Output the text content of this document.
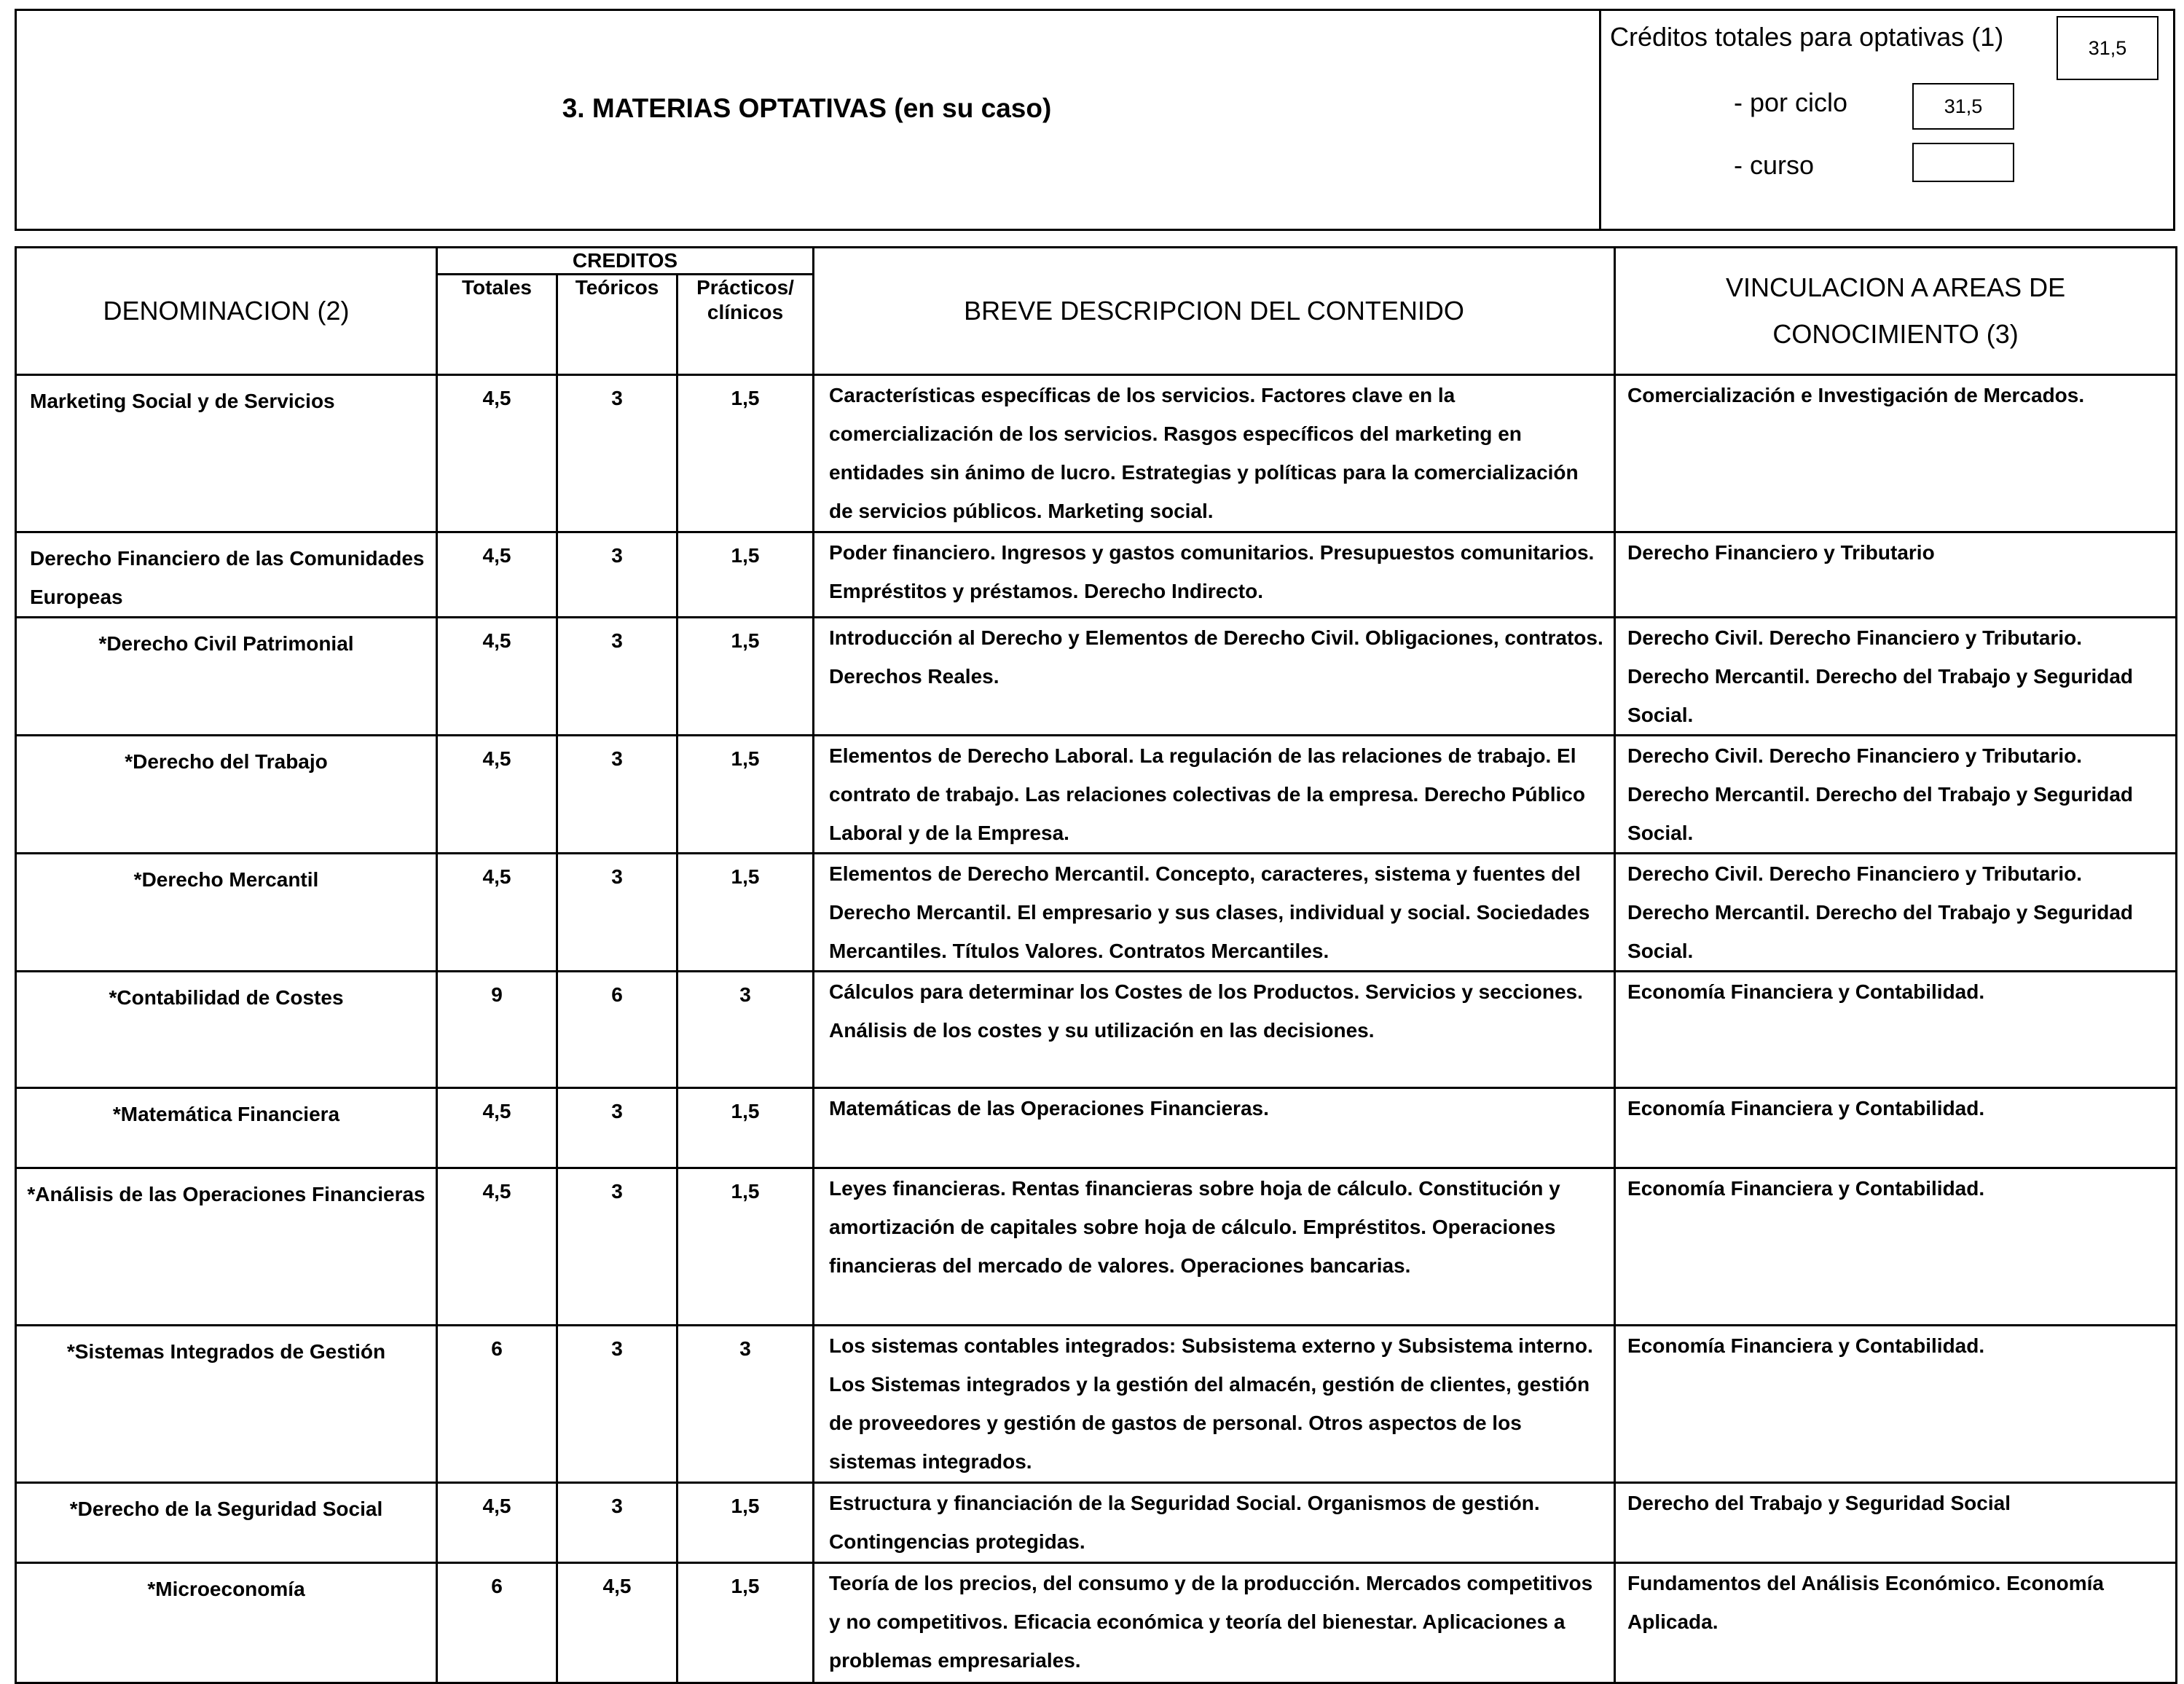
3. MATERIAS OPTATIVAS (en su caso)
Créditos totales para optativas (1)	31,5
- por ciclo	31,5
- curso
DENOMINACION (2)	CREDITOS			BREVE DESCRIPCION DEL CONTENIDO	VINCULACION A AREAS DE
CONOCIMIENTO (3)

	Totales	Teóricos	Prácticos/ clínicos		
Marketing Social y de Servicios	4,5	3	1,5	Características específicas de los servicios. Factores clave en la comercialización de los servicios. Rasgos específicos del marketing en entidades sin ánimo de lucro. Estrategias y políticas para la comercialización de servicios públicos. Marketing social.	Comercialización e Investigación de Mercados.
Derecho Financiero de las Comunidades Europeas	4,5	3	1,5	Poder financiero. Ingresos y gastos comunitarios. Presupuestos comunitarios. Empréstitos y préstamos. Derecho Indirecto.	Derecho Financiero y Tributario
*Derecho Civil Patrimonial	4,5	3	1,5	Introducción al Derecho y Elementos de Derecho Civil. Obligaciones, contratos. Derechos Reales.	Derecho Civil. Derecho Financiero y Tributario. Derecho Mercantil. Derecho del Trabajo y Seguridad Social.
*Derecho del Trabajo	4,5	3	1,5	Elementos de Derecho Laboral. La regulación de las relaciones de trabajo. El contrato de trabajo. Las relaciones colectivas de la empresa. Derecho Público Laboral y de la Empresa.	Derecho Civil. Derecho Financiero y Tributario. Derecho Mercantil. Derecho del Trabajo y Seguridad Social.
*Derecho Mercantil	4,5	3	1,5	Elementos de Derecho Mercantil. Concepto, caracteres, sistema y fuentes del Derecho Mercantil. El empresario y sus clases, individual y social. Sociedades Mercantiles. Títulos Valores. Contratos Mercantiles.	Derecho Civil. Derecho Financiero y Tributario. Derecho Mercantil. Derecho del Trabajo y Seguridad Social.
*Contabilidad de Costes	9	6	3	Cálculos para determinar los Costes de los Productos. Servicios y secciones. Análisis de los costes y su utilización en las decisiones.	Economía Financiera y Contabilidad.
*Matemática Financiera	4,5	3	1,5	Matemáticas de las Operaciones Financieras.	Economía Financiera y Contabilidad.
*Análisis de las Operaciones Financieras	4,5	3	1,5	Leyes financieras. Rentas financieras sobre hoja de cálculo. Constitución y amortización de capitales sobre hoja de cálculo. Empréstitos. Operaciones financieras del mercado de valores. Operaciones bancarias.	Economía Financiera y Contabilidad.
*Sistemas Integrados de Gestión	6	3	3	Los sistemas contables integrados: Subsistema externo y Subsistema interno. Los Sistemas integrados y la gestión del almacén, gestión de clientes, gestión de proveedores y gestión de gastos de personal. Otros aspectos de los sistemas integrados.	Economía Financiera y Contabilidad.
*Derecho de la Seguridad Social	4,5	3	1,5	Estructura y financiación de la Seguridad Social. Organismos de gestión. Contingencias protegidas.	Derecho del Trabajo y Seguridad Social
*Microeconomía	6	4,5	1,5	Teoría de los precios, del consumo y de la producción. Mercados competitivos y no competitivos. Eficacia económica y teoría del bienestar. Aplicaciones a problemas empresariales.	Fundamentos del Análisis Económico. Economía Aplicada.
